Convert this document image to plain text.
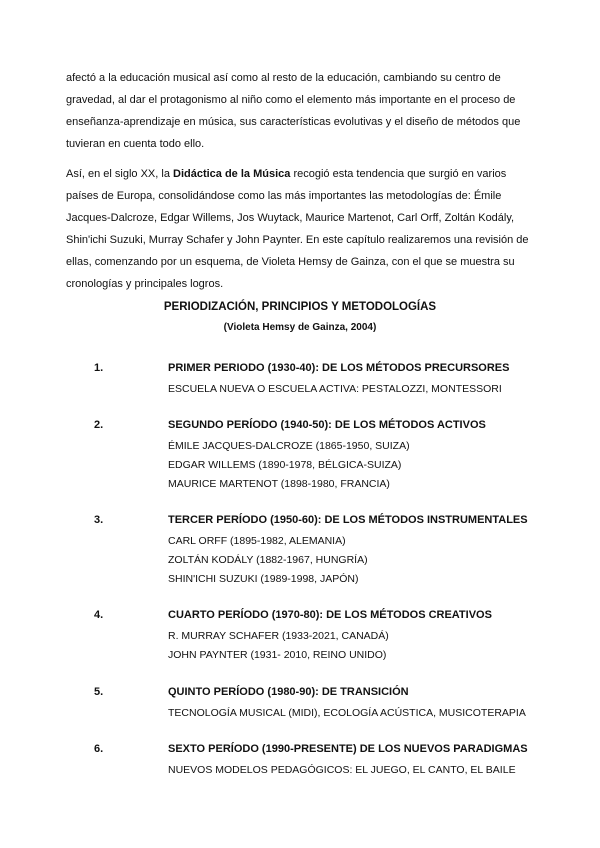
afectó a la educación musical así como al resto de la educación, cambiando su centro de
gravedad, al dar el protagonismo al niño como el elemento más importante en el proceso de
enseñanza-aprendizaje en música, sus características evolutivas y el diseño de métodos que
tuvieran en cuenta todo ello.
Así, en el siglo XX, la Didáctica de la Música recogió esta tendencia que surgió en varios
países de Europa, consolidándose como las más importantes las metodologías de: Émile
Jacques-Dalcroze, Edgar Willems, Jos Wuytack, Maurice Martenot, Carl Orff, Zoltán Kodály,
Shin'ichi Suzuki, Murray Schafer y John Paynter. En este capítulo realizaremos una revisión de
ellas, comenzando por un esquema, de Violeta Hemsy de Gainza, con el que se muestra su
cronologías y principales logros.
PERIODIZACIÓN, PRINCIPIOS Y METODOLOGÍAS
(Violeta Hemsy de Gainza, 2004)
1.	PRIMER PERIODO (1930-40): DE LOS MÉTODOS PRECURSORES
ESCUELA NUEVA O ESCUELA ACTIVA: PESTALOZZI, MONTESSORI
2.	SEGUNDO PERÍODO (1940-50): DE LOS MÉTODOS ACTIVOS
ÉMILE JACQUES-DALCROZE (1865-1950, SUIZA)
EDGAR WILLEMS (1890-1978, BÉLGICA-SUIZA)
MAURICE MARTENOT (1898-1980, FRANCIA)
3.	TERCER PERÍODO (1950-60): DE LOS MÉTODOS INSTRUMENTALES
CARL ORFF (1895-1982, ALEMANIA)
ZOLTÁN KODÁLY (1882-1967, HUNGRÍA)
SHIN'ICHI SUZUKI (1989-1998, JAPÓN)
4.	CUARTO PERÍODO (1970-80): DE LOS MÉTODOS CREATIVOS
R. MURRAY SCHAFER (1933-2021, CANADÁ)
JOHN PAYNTER (1931- 2010, REINO UNIDO)
5.	QUINTO PERÍODO (1980-90): DE TRANSICIÓN
TECNOLOGÍA MUSICAL (MIDI), ECOLOGÍA ACÚSTICA, MUSICOTERAPIA
6.	SEXTO PERÍODO (1990-PRESENTE) DE LOS NUEVOS PARADIGMAS
NUEVOS MODELOS PEDAGÓGICOS: EL JUEGO, EL CANTO, EL BAILE
